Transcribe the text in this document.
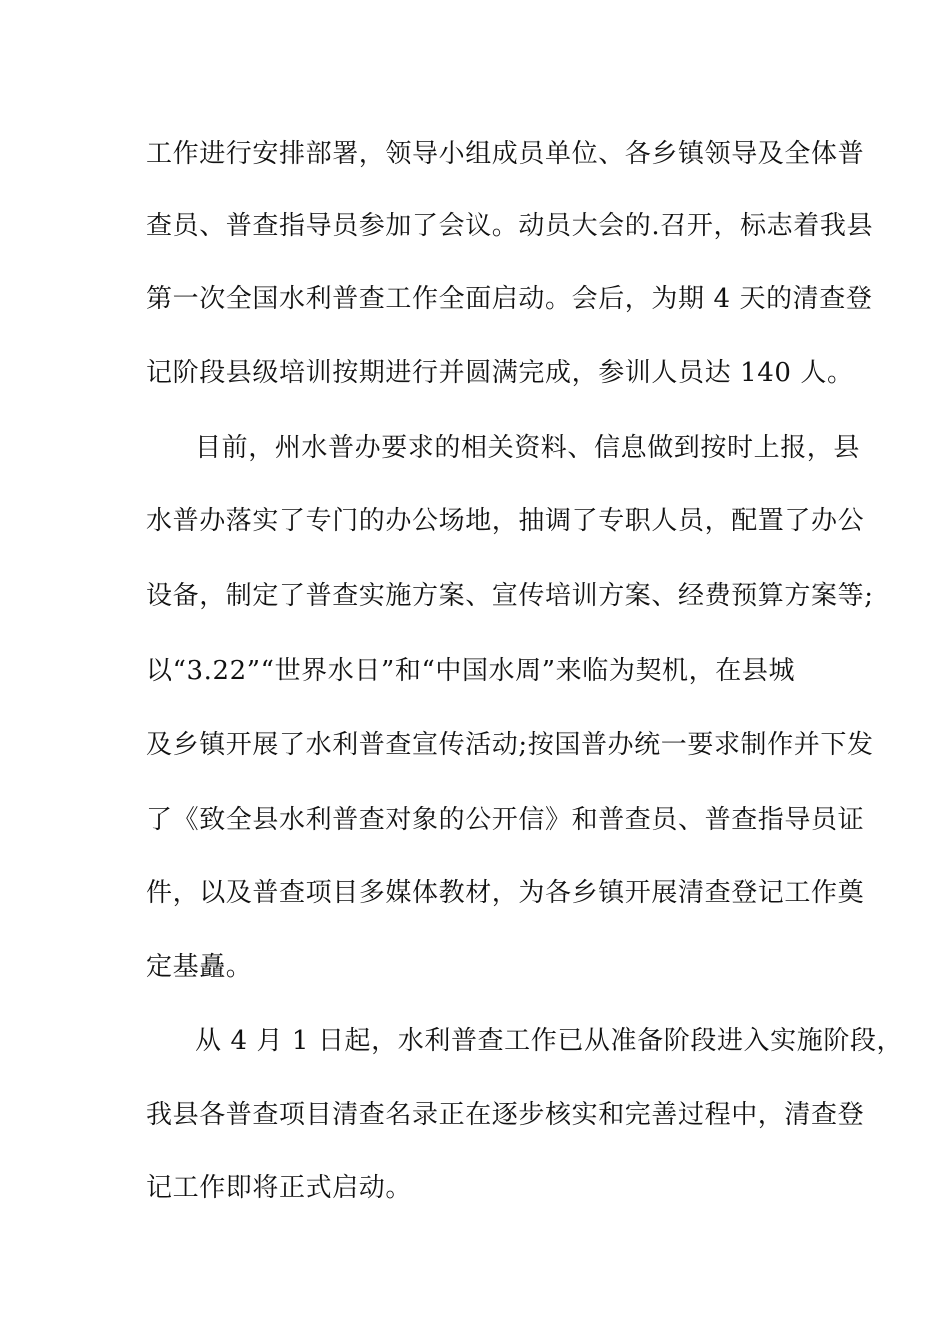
工作进行安排部署，领导小组成员单位、各乡镇领导及全体普
查员、普查指导员参加了会议。动员大会的.召开，标志着我县
第一次全国水利普查工作全面启动。会后，为期 4 天的清查登
记阶段县级培训按期进行并圆满完成，参训人员达 140 人。
目前，州水普办要求的相关资料、信息做到按时上报，县
水普办落实了专门的办公场地，抽调了专职人员，配置了办公
设备，制定了普查实施方案、宣传培训方案、经费预算方案等;
以“3.22”“世界水日”和“中国水周”来临为契机，在县城
及乡镇开展了水利普查宣传活动;按国普办统一要求制作并下发
了《致全县水利普查对象的公开信》和普查员、普查指导员证
件，以及普查项目多媒体教材，为各乡镇开展清查登记工作奠
定基矗。
从 4 月 1 日起，水利普查工作已从准备阶段进入实施阶段，
我县各普查项目清查名录正在逐步核实和完善过程中，清查登
记工作即将正式启动。
